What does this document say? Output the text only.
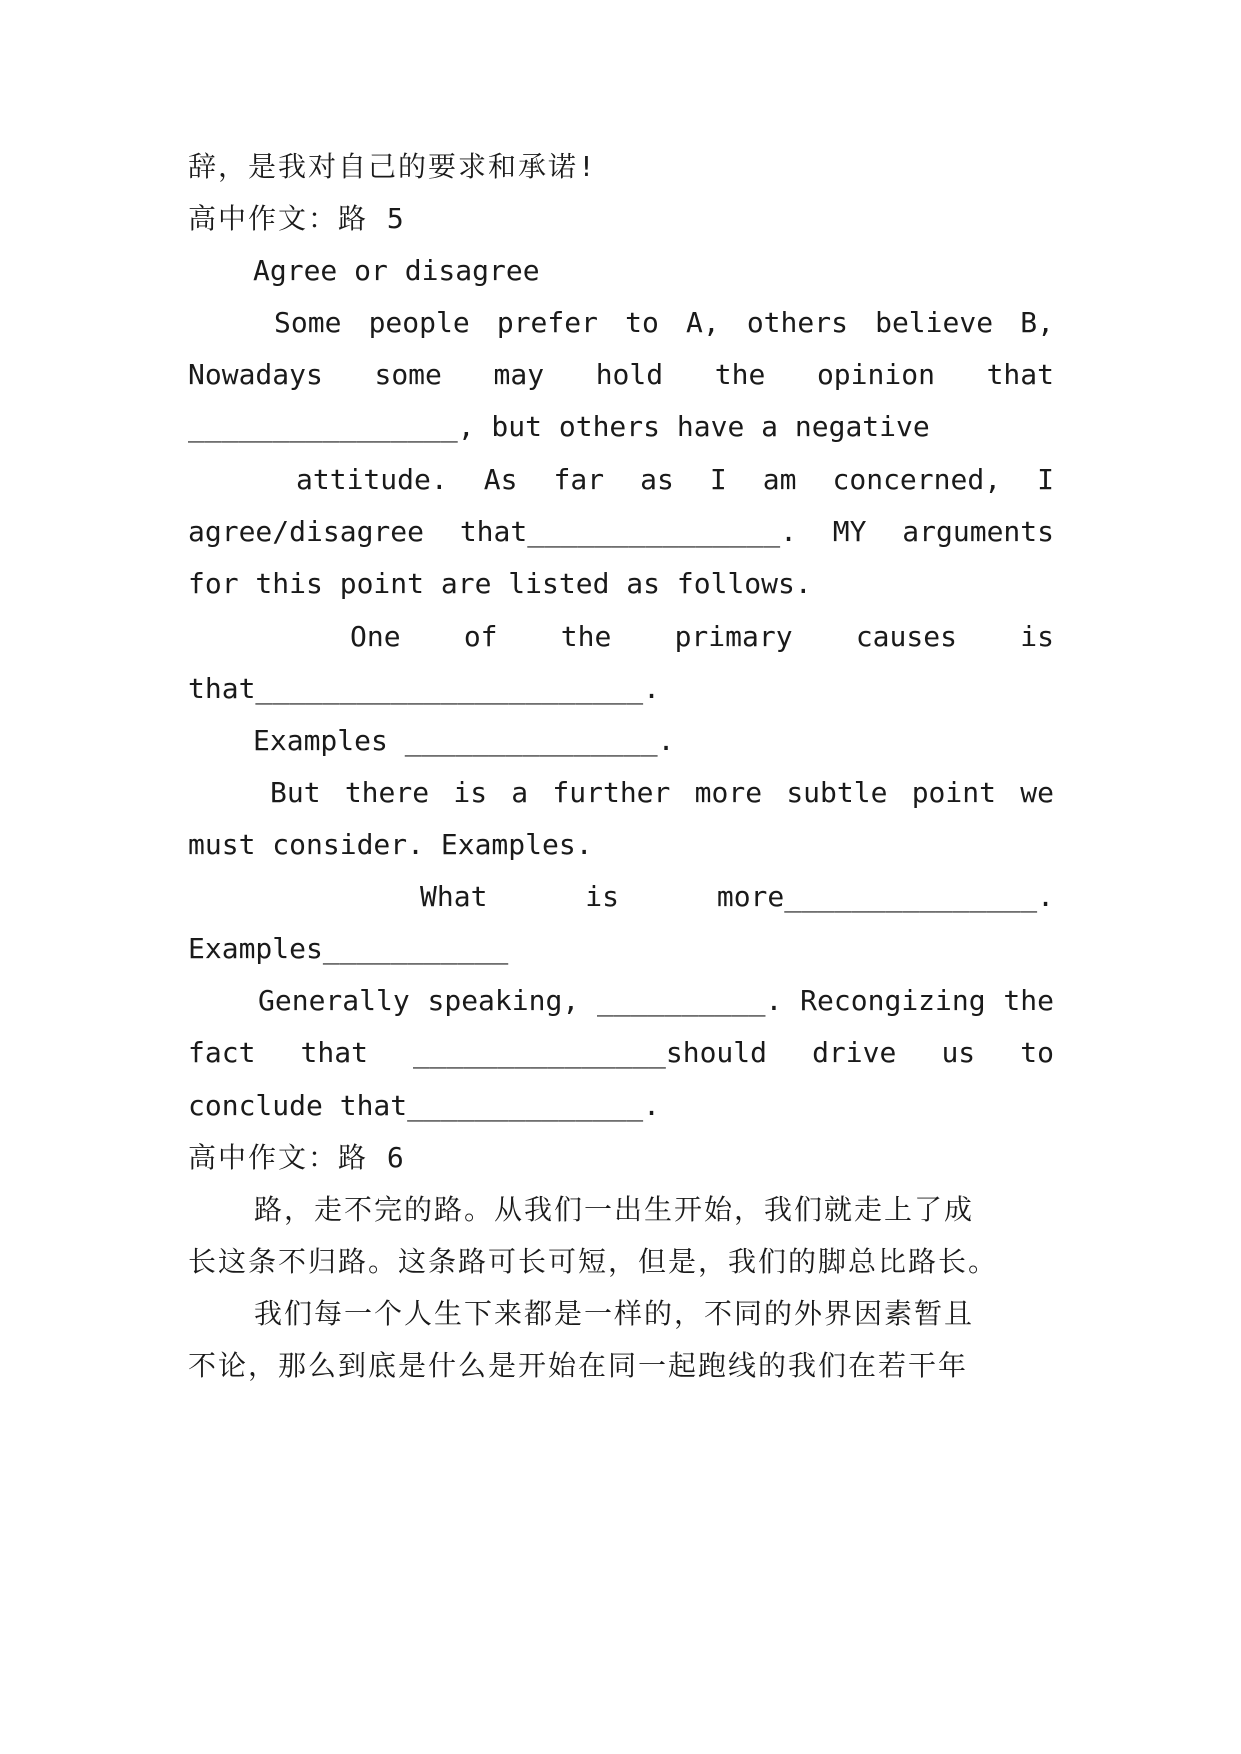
辞，是我对自己的要求和承诺!
高中作文：路 5
Agree or disagree
Some people prefer to A, others believe B,
Nowadays some may hold the opinion that
________________, but others have a negative
attitude. As far as I am concerned, I
agree/disagree that_______________. MY arguments
for this point are listed as follows.
One of the primary causes is
that_______________________.
Examples _______________.
But there is a further more subtle point we
must consider. Examples.
What	is	more_______________.
Examples___________
Generally speaking, __________. Recongizing the
fact that _______________should drive us to
conclude that______________.
高中作文：路 6
路，走不完的路。从我们一出生开始，我们就走上了成
长这条不归路。这条路可长可短，但是，我们的脚总比路长。
我们每一个人生下来都是一样的，不同的外界因素暂且
不论，那么到底是什么是开始在同一起跑线的我们在若干年
